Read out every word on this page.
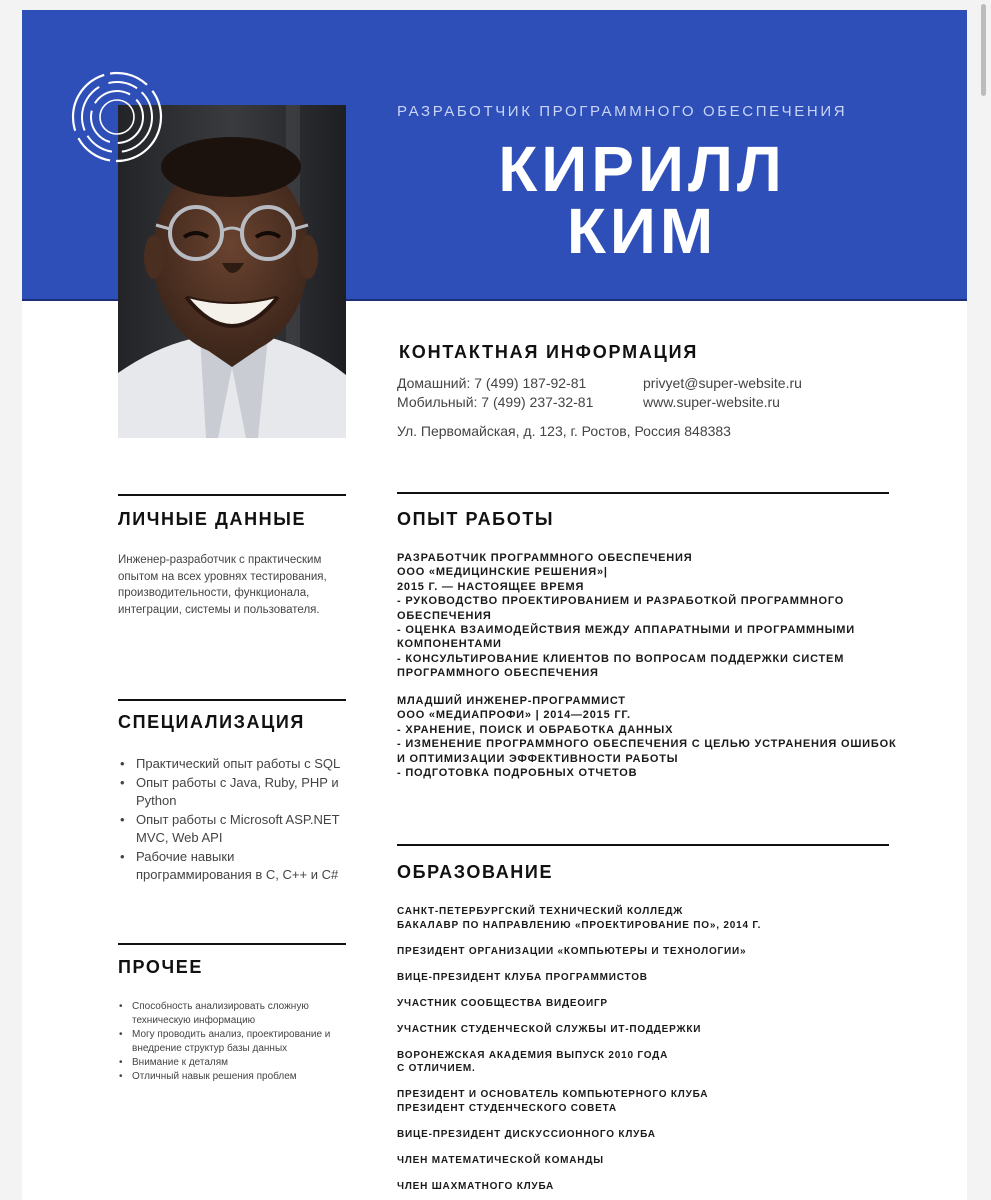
РАЗРАБОТЧИК ПРОГРАММНОГО ОБЕСПЕЧЕНИЯ
КИРИЛЛ
КИМ
КОНТАКТНАЯ ИНФОРМАЦИЯ
Домашний: 7 (499) 187-92-81
Мобильный: 7 (499) 237-32-81
privyet@super-website.ru
www.super-website.ru
Ул. Первомайская, д. 123, г. Ростов, Россия 848383
ЛИЧНЫЕ ДАННЫЕ
Инженер-разработчик с практическим опытом на всех уровнях тестирования, производительности, функционала, интеграции, системы и пользователя.
СПЕЦИАЛИЗАЦИЯ
• Практический опыт работы с SQL
• Опыт работы с Java, Ruby, PHP и Python
• Опыт работы с Microsoft ASP.NET MVC, Web API
• Рабочие навыки программирования в C, C++ и C#
ПРОЧЕЕ
• Способность анализировать сложную техническую информацию
• Могу проводить анализ, проектирование и внедрение структур базы данных
• Внимание к деталям
• Отличный навык решения проблем
ОПЫТ РАБОТЫ
РАЗРАБОТЧИК ПРОГРАММНОГО ОБЕСПЕЧЕНИЯ
ООО «МЕДИЦИНСКИЕ РЕШЕНИЯ»|
2015 Г. — НАСТОЯЩЕЕ ВРЕМЯ
- РУКОВОДСТВО ПРОЕКТИРОВАНИЕМ И РАЗРАБОТКОЙ ПРОГРАММНОГО ОБЕСПЕЧЕНИЯ
- ОЦЕНКА ВЗАИМОДЕЙСТВИЯ МЕЖДУ АППАРАТНЫМИ И ПРОГРАММНЫМИ КОМПОНЕНТАМИ
- КОНСУЛЬТИРОВАНИЕ КЛИЕНТОВ ПО ВОПРОСАМ ПОДДЕРЖКИ СИСТЕМ ПРОГРАММНОГО ОБЕСПЕЧЕНИЯ
МЛАДШИЙ ИНЖЕНЕР-ПРОГРАММИСТ
ООО «МЕДИАПРОФИ» | 2014—2015 ГГ.
- ХРАНЕНИЕ, ПОИСК И ОБРАБОТКА ДАННЫХ
- ИЗМЕНЕНИЕ ПРОГРАММНОГО ОБЕСПЕЧЕНИЯ С ЦЕЛЬЮ УСТРАНЕНИЯ ОШИБОК И ОПТИМИЗАЦИИ ЭФФЕКТИВНОСТИ РАБОТЫ
- ПОДГОТОВКА ПОДРОБНЫХ ОТЧЕТОВ
ОБРАЗОВАНИЕ
САНКТ-ПЕТЕРБУРГСКИЙ ТЕХНИЧЕСКИЙ КОЛЛЕДЖ
БАКАЛАВР ПО НАПРАВЛЕНИЮ «ПРОЕКТИРОВАНИЕ ПО», 2014 Г.
ПРЕЗИДЕНТ ОРГАНИЗАЦИИ «КОМПЬЮТЕРЫ И ТЕХНОЛОГИИ»
ВИЦЕ-ПРЕЗИДЕНТ КЛУБА ПРОГРАММИСТОВ
УЧАСТНИК СООБЩЕСТВА ВИДЕОИГР
УЧАСТНИК СТУДЕНЧЕСКОЙ СЛУЖБЫ ИТ-ПОДДЕРЖКИ
ВОРОНЕЖСКАЯ АКАДЕМИЯ ВЫПУСК 2010 ГОДА
С ОТЛИЧИЕМ.
ПРЕЗИДЕНТ И ОСНОВАТЕЛЬ КОМПЬЮТЕРНОГО КЛУБА
ПРЕЗИДЕНТ СТУДЕНЧЕСКОГО СОВЕТА
ВИЦЕ-ПРЕЗИДЕНТ ДИСКУССИОННОГО КЛУБА
ЧЛЕН МАТЕМАТИЧЕСКОЙ КОМАНДЫ
ЧЛЕН ШАХМАТНОГО КЛУБА
